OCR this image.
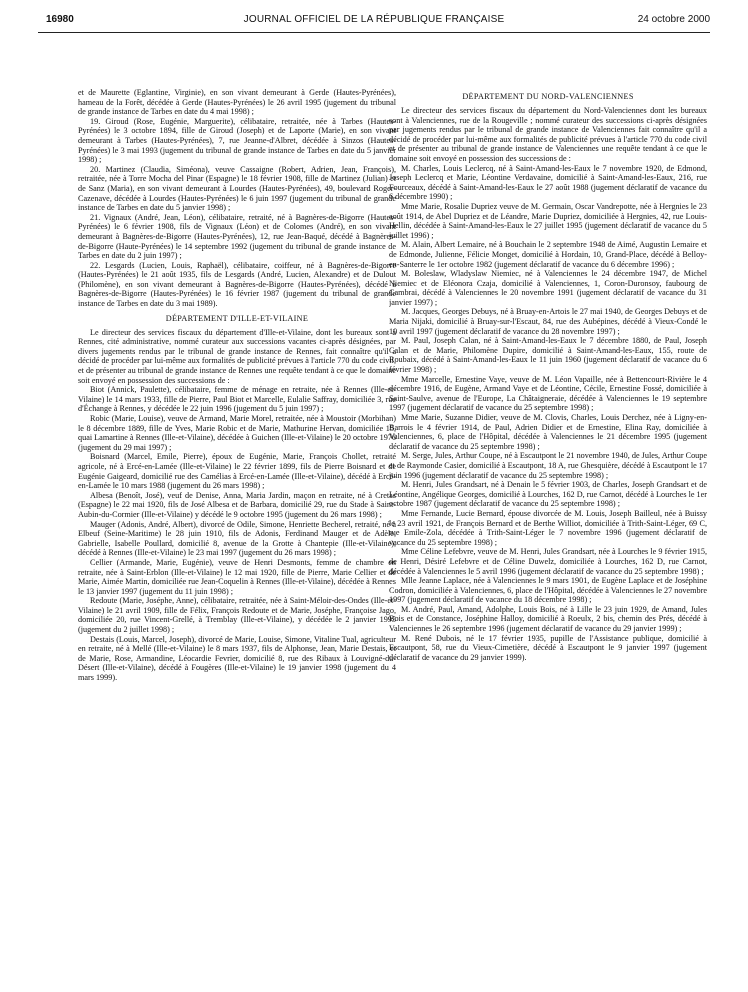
16980	JOURNAL OFFICIEL DE LA RÉPUBLIQUE FRANÇAISE	24 octobre 2000

et de Maurette (Eglantine, Virginie), en son vivant demeurant à Gerde (Hautes-Pyrénées), hameau de la Forêt, décédée à Gerde (Hautes-Pyrénées) le 26 avril 1995 (jugement du tribunal de grande instance de Tarbes en date du 4 mai 1998) ;

19. Giroud (Rose, Eugénie, Marguerite), célibataire, retraitée, née à Tarbes (Hautes-Pyrénées) le 3 octobre 1894, fille de Giroud (Joseph) et de Laporte (Marie), en son vivant demeurant à Tarbes (Hautes-Pyrénées), 7, rue Jeanne-d'Albret, décédée à Sinzos (Hautes-Pyrénées) le 3 mai 1993 (jugement du tribunal de grande instance de Tarbes en date du 5 janvier 1998) ;

20. Martinez (Claudia, Siméona), veuve Cassaigne (Robert, Adrien, Jean, François), retraitée, née à Torre Mocha del Pinar (Espagne) le 18 février 1908, fille de Martinez (Julian) et de Sanz (Maria), en son vivant demeurant à Lourdes (Hautes-Pyrénées), 49, boulevard Roger-Cazenave, décédée à Lourdes (Hautes-Pyrénées) le 6 juin 1997 (jugement du tribunal de grande instance de Tarbes en date du 5 janvier 1998) ;

21. Vignaux (André, Jean, Léon), célibataire, retraité, né à Bagnères-de-Bigorre (Hautes-Pyrénées) le 6 février 1908, fils de Vignaux (Léon) et de Colomes (André), en son vivant demeurant à Bagnères-de-Bigorre (Hautes-Pyrénées), 12, rue Jean-Baqué, décédé à Bagnères-de-Bigorre (Haute-Pyrénées) le 14 septembre 1992 (jugement du tribunal de grande instance de Tarbes en date du 2 juin 1997) ;

22. Lesgards (Lucien, Louis, Raphaël), célibataire, coiffeur, né à Bagnères-de-Bigorre (Hautes-Pyrénées) le 21 août 1935, fils de Lesgards (André, Lucien, Alexandre) et de Dulout (Philomène), en son vivant demeurant à Bagnères-de-Bigorre (Hautes-Pyrénées), décédé à Bagnères-de-Bigorre (Hautes-Pyrénées) le 16 février 1987 (jugement du tribunal de grande instance de Tarbes en date du 3 mai 1989).

DÉPARTEMENT D'ILLE-ET-VILAINE

Le directeur des services fiscaux du département d'Ille-et-Vilaine, dont les bureaux sont à Rennes, cité administrative, nommé curateur aux successions vacantes ci-après désignées, par divers jugements rendus par le tribunal de grande instance de Rennes, fait connaître qu'il a décidé de procéder par lui-même aux formalités de publicité prévues à l'article 770 du code civil, et de présenter au tribunal de grande instance de Rennes une requête tendant à ce que le domaine soit envoyé en possession des successions de :

Biot (Annick, Paulette), célibataire, femme de ménage en retraite, née à Rennes (Ille-et-Vilaine) le 14 mars 1933, fille de Pierre, Paul Biot et Marcelle, Eulalie Saffray, domiciliée 3, rue d'Échange à Rennes, y décédée le 22 juin 1996 (jugement du 5 juin 1997) ;

Robic (Marie, Louise), veuve de Armand, Marie Morel, retraitée, née à Moustoir (Morbihan) le 8 décembre 1889, fille de Yves, Marie Robic et de Marie, Mathurine Hervan, domiciliée 15, quai Lamartine à Rennes (Ille-et-Vilaine), décédée à Guichen (Ille-et-Vilaine) le 20 octobre 1976 (jugement du 29 mai 1997) ;

Boisnard (Marcel, Emile, Pierre), époux de Eugénie, Marie, François Chollet, retraité agricole, né à Ercé-en-Lamée (Ille-et-Vilaine) le 22 février 1899, fils de Pierre Boisnard et de Eugénie Gaigeard, domicilié rue des Camélias à Ercé-en-Lamée (Ille-et-Vilaine), décédé à Ercé-en-Lamée le 10 mars 1988 (jugement du 26 mars 1998) ;

Albesa (Benoît, José), veuf de Denise, Anna, Maria Jardin, maçon en retraite, né à Cretas (Espagne) le 22 mai 1920, fils de José Albesa et de Barbara, domicilié 29, rue du Stade à Saint-Aubin-du-Cormier (Ille-et-Vilaine) y décédé le 9 octobre 1995 (jugement du 26 mars 1998) ;

Mauger (Adonis, André, Albert), divorcé de Odile, Simone, Henriette Becherel, retraité, né à Elbeuf (Seine-Maritime) le 28 juin 1910, fils de Adonis, Ferdinand Mauger et de Adèle, Gabrielle, Isabelle Poullard, domicilié 8, avenue de la Grotte à Chantepie (Ille-et-Vilaine), décédé à Rennes (Ille-et-Vilaine) le 23 mai 1997 (jugement du 26 mars 1998) ;

Cellier (Armande, Marie, Eugénie), veuve de Henri Desmonts, femme de chambre en retraite, née à Saint-Erblon (Ille-et-Vilaine) le 12 mai 1920, fille de Pierre, Marie Cellier et de Marie, Aimée Martin, domiciliée rue Jean-Coquelin à Rennes (Ille-et-Vilaine), décédée à Rennes le 13 janvier 1997 (jugement du 11 juin 1998) ;

Redoute (Marie, Joséphe, Anne), célibataire, retraitée, née à Saint-Méloir-des-Ondes (Ille-et-Vilaine) le 21 avril 1909, fille de Félix, François Redoute et de Marie, Joséphe, Françoise Jago, domiciliée 20, rue Vincent-Grellé, à Tremblay (Ille-et-Vilaine), y décédée le 2 janvier 1995 (jugement du 2 juillet 1998) ;

Destais (Louis, Marcel, Joseph), divorcé de Marie, Louise, Simone, Vitaline Tual, agriculteur en retraite, né à Mellé (Ille-et-Vilaine) le 8 mars 1937, fils de Alphonse, Jean, Marie Destais, et de Marie, Rose, Armandine, Léocardie Fevrier, domicilié 8, rue des Ribaux à Louvigné-du-Désert (Ille-et-Vilaine), décédé à Fougères (Ille-et-Vilaine) le 19 janvier 1998 (jugement du 4 mars 1999).

DÉPARTEMENT DU NORD-VALENCIENNES

Le directeur des services fiscaux du département du Nord-Valenciennes dont les bureaux sont à Valenciennes, rue de la Rougeville ; nommé curateur des successions ci-après désignées par jugements rendus par le tribunal de grande instance de Valenciennes fait connaître qu'il a décidé de procéder par lui-même aux formalités de publicité prévues à l'article 770 du code civil et de présenter au tribunal de grande instance de Valenciennes une requête tendant à ce que le domaine soit envoyé en possession des successions de :

M. Charles, Louis Leclercq, né à Saint-Amand-les-Eaux le 7 novembre 1920, de Edmond, Joseph Leclercq et Marie, Léontine Verdavaine, domicilié à Saint-Amand-les-Eaux, 216, rue Fourceaux, décédé à Saint-Amand-les-Eaux le 27 août 1988 (jugement déclaratif de vacance du 6 décembre 1990) ;

Mme Marie, Rosalie Dupriez veuve de M. Germain, Oscar Vandrepotte, née à Hergnies le 23 août 1914, de Abel Dupriez et de Léandre, Marie Dupriez, domiciliée à Hergnies, 42, rue Louis-Hellin, décédée à Saint-Amand-les-Eaux le 27 juillet 1995 (jugement déclaratif de vacance du 5 juillet 1996) ;

M. Alain, Albert Lemaire, né à Bouchain le 2 septembre 1948 de Aimé, Augustin Lemaire et de Edmonde, Julienne, Félicie Monget, domicilié à Hordain, 10, Grand-Place, décédé à Belloy-en-Santerre le 1er octobre 1982 (jugement déclaratif de vacance du 6 décembre 1996) ;

M. Boleslaw, Wladyslaw Niemiec, né à Valenciennes le 24 décembre 1947, de Michel Niemiec et de Eléonora Czaja, domicilié à Valenciennes, 1, Coron-Duronsoy, faubourg de Cambrai, décédé à Valenciennes le 20 novembre 1991 (jugement déclaratif de vacance du 31 janvier 1997) ;

M. Jacques, Georges Debuys, né à Bruay-en-Artois le 27 mai 1940, de Georges Debuys et de Maria Nijaki, domicilié à Bruay-sur-l'Escaut, 84, rue des Aubépines, décédé à Vieux-Condé le 10 avril 1997 (jugement déclaratif de vacance du 28 novembre 1997) ;

M. Paul, Joseph Calan, né à Saint-Amand-les-Eaux le 7 décembre 1880, de Paul, Joseph Calan et de Marie, Philomène Dupire, domicilié à Saint-Amand-les-Eaux, 155, route de Roubaix, décédé à Saint-Amand-les-Eaux le 11 juin 1960 (jugement déclaratif de vacance du 6 février 1998) ;

Mme Marcelle, Ernestine Vaye, veuve de M. Léon Vapaille, née à Bettencourt-Rivière le 4 décembre 1916, de Eugène, Armand Vaye et de Léontine, Cécile, Ernestine Fossé, domiciliée à Saint-Saulve, avenue de l'Europe, La Châtaigneraie, décédée à Valenciennes le 19 septembre 1997 (jugement déclaratif de vacance du 25 septembre 1998) ;

Mme Marie, Suzanne Didier, veuve de M. Clovis, Charles, Louis Derchez, née à Ligny-en-Barrois le 4 février 1914, de Paul, Adrien Didier et de Ernestine, Elina Ray, domiciliée à Valenciennes, 6, place de l'Hôpital, décédée à Valenciennes le 21 décembre 1995 (jugement déclaratif de vacance du 25 septembre 1998) ;

M. Serge, Jules, Arthur Coupe, né à Escautpont le 21 novembre 1940, de Jules, Arthur Coupe et de Raymonde Casier, domicilié à Escautpont, 18 A, rue Ghesquière, décédé à Escautpont le 17 juin 1996 (jugement déclaratif de vacance du 25 septembre 1998) ;

M. Henri, Jules Grandsart, né à Denain le 5 février 1903, de Charles, Joseph Grandsart et de Léontine, Angélique Georges, domicilié à Lourches, 162 D, rue Carnot, décédé à Lourches le 1er octobre 1987 (jugement déclaratif de vacance du 25 septembre 1998) ;

Mme Fernande, Lucie Bernard, épouse divorcée de M. Louis, Joseph Bailleul, née à Buissy le 23 avril 1921, de François Bernard et de Berthe Williot, domiciliée à Trith-Saint-Léger, 69 C, rue Emile-Zola, décédée à Trith-Saint-Léger le 7 novembre 1996 (jugement déclaratif de vacance du 25 septembre 1998) ;

Mme Céline Lefebvre, veuve de M. Henri, Jules Grandsart, née à Lourches le 9 février 1915, de Henri, Désiré Lefebvre et de Céline Duwelz, domiciliée à Lourches, 162 D, rue Carnot, décédée à Valenciennes le 5 avril 1996 (jugement déclaratif de vacance du 25 septembre 1998) ;

Mlle Jeanne Laplace, née à Valenciennes le 9 mars 1901, de Eugène Laplace et de Joséphine Codron, domiciliée à Valenciennes, 6, place de l'Hôpital, décédée à Valenciennes le 27 novembre 1997 (jugement déclaratif de vacance du 18 décembre 1998) ;

M. André, Paul, Amand, Adolphe, Louis Bois, né à Lille le 23 juin 1929, de Amand, Jules Bois et de Constance, Joséphine Halloy, domicilié à Roeulx, 2 bis, chemin des Prés, décédé à Valenciennes le 26 septembre 1996 (jugement déclaratif de vacance du 29 janvier 1999) ;

M. René Dubois, né le 17 février 1935, pupille de l'Assistance publique, domicilié à Escautpont, 58, rue du Vieux-Cimetière, décédé à Escautpont le 9 janvier 1997 (jugement déclaratif de vacance du 29 janvier 1999).
